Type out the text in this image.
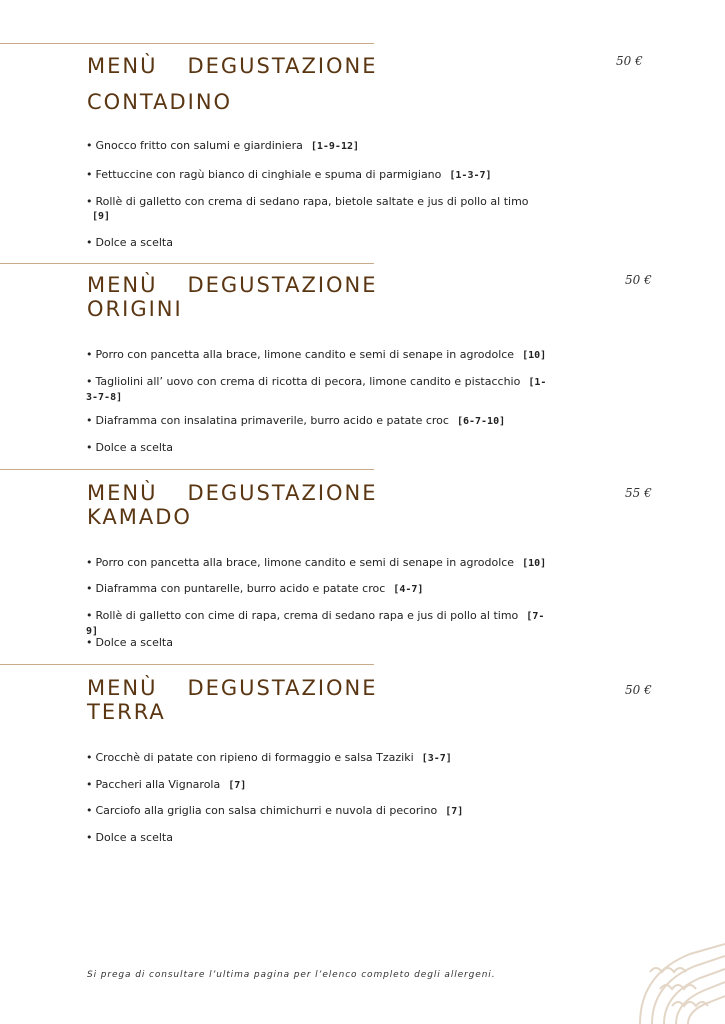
MENÙ DEGUSTAZIONE
CONTADINO
50 €

• Gnocco fritto con salumi e giardiniera [1-9-12]

• Fettuccine con ragù bianco di cinghiale e spuma di parmigiano [1-3-7]

• Rollè di galletto con crema di sedano rapa, bietole saltate e jus di pollo al timo
[9]

• Dolce a scelta

MENÙ DEGUSTAZIONE
ORIGINI
50 €

• Porro con pancetta alla brace, limone candito e semi di senape in agrodolce [10]

• Tagliolini all’ uovo con crema di ricotta di pecora, limone candito e pistacchio [1-3-7-8]

• Diaframma con insalatina primaverile, burro acido e patate croc [6-7-10]

• Dolce a scelta

MENÙ DEGUSTAZIONE
KAMADO
55 €

• Porro con pancetta alla brace, limone candito e semi di senape in agrodolce [10]

• Diaframma con puntarelle, burro acido e patate croc [4-7]

• Rollè di galletto con cime di rapa, crema di sedano rapa e jus di pollo al timo [7-9]

• Dolce a scelta

MENÙ DEGUSTAZIONE
TERRA
50 €

• Crocchè di patate con ripieno di formaggio e salsa Tzaziki [3-7]

• Paccheri alla Vignarola [7]

• Carciofo alla griglia con salsa chimichurri e nuvola di pecorino [7]

• Dolce a scelta

Si prega di consultare l’ultima pagina per l’elenco completo degli allergeni.
